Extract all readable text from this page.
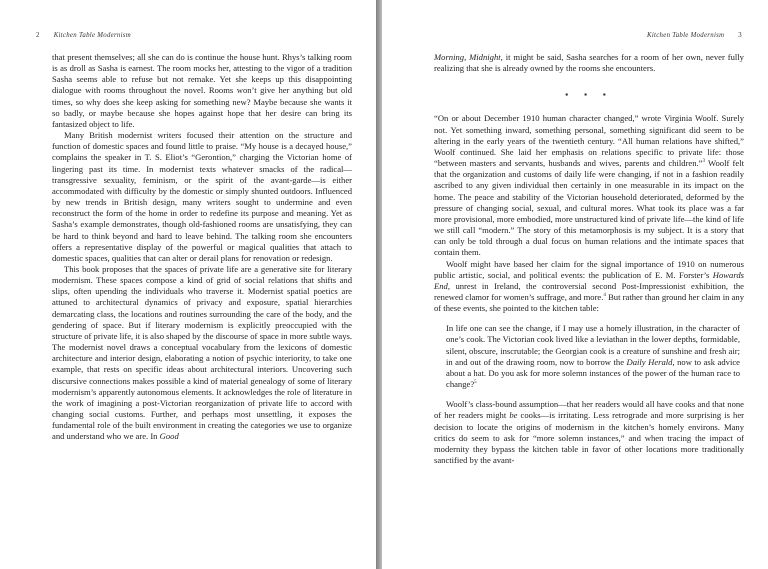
2 Kitchen Table Modernism

that present themselves; all she can do is continue the house hunt. Rhys’s talking room is as droll as Sasha is earnest. The room mocks her, attesting to the vigor of a tradition Sasha seems able to refuse but not remake. Yet she keeps up this disappointing dialogue with rooms throughout the novel. Rooms won’t give her anything but old times, so why does she keep asking for something new? Maybe because she wants it so badly, or maybe because she hopes against hope that her desire can bring its fantasized object to life.

Many British modernist writers focused their attention on the structure and function of domestic spaces and found little to praise. “My house is a decayed house,” complains the speaker in T. S. Eliot’s “Gerontion,” charging the Victorian home of lingering past its time. In modernist texts whatever smacks of the radical—transgressive sexuality, feminism, or the spirit of the avant-garde—is either accommodated with difficulty by the domestic or simply shunted outdoors. Influenced by new trends in British design, many writers sought to undermine and even reconstruct the form of the home in order to redefine its purpose and meaning. Yet as Sasha’s example demonstrates, though old-fashioned rooms are unsatisfying, they can be hard to think beyond and hard to leave behind. The talking room she encounters offers a representative display of the powerful or magical qualities that attach to domestic spaces, qualities that can alter or derail plans for renovation or redesign.

This book proposes that the spaces of private life are a generative site for literary modernism. These spaces compose a kind of grid of social relations that shifts and slips, often upending the individuals who traverse it. Modernist spatial poetics are attuned to architectural dynamics of privacy and exposure, spatial hierarchies demarcating class, the locations and routines surrounding the care of the body, and the gendering of space. But if literary modernism is explicitly preoccupied with the structure of private life, it is also shaped by the discourse of space in more subtle ways. The modernist novel draws a conceptual vocabulary from the lexicons of domestic architecture and interior design, elaborating a notion of psychic interiority, to take one example, that rests on specific ideas about architectural interiors. Uncovering such discursive connections makes possible a kind of material genealogy of some of literary modernism’s apparently autonomous elements. It acknowledges the role of literature in the work of imagining a post-Victorian reorganization of private life to accord with changing social customs. Further, and perhaps most unsettling, it exposes the fundamental role of the built environment in creating the categories we use to organize and understand who we are. In Good

Kitchen Table Modernism 3

Morning, Midnight, it might be said, Sasha searches for a room of her own, never fully realizing that she is already owned by the rooms she encounters.

▪ ▪ ▪

“On or about December 1910 human character changed,” wrote Virginia Woolf. Surely not. Yet something inward, something personal, something significant did seem to be altering in the early years of the twentieth century. “All human relations have shifted,” Woolf continued. She laid her emphasis on relations specific to private life: those “between masters and servants, husbands and wives, parents and children.”$^3$ Woolf felt that the organization and customs of daily life were changing, if not in a fashion readily ascribed to any given individual then certainly in one measurable in its impact on the home. The peace and stability of the Victorian household deteriorated, deformed by the pressure of changing social, sexual, and cultural mores. What took its place was a far more provisional, more embodied, more unstructured kind of private life—the kind of life we still call “modern.” The story of this metamorphosis is my subject. It is a story that can only be told through a dual focus on human relations and the intimate spaces that contain them.

Woolf might have based her claim for the signal importance of 1910 on numerous public artistic, social, and political events: the publication of E. M. Forster’s Howards End, unrest in Ireland, the controversial second Post-Impressionist exhibition, the renewed clamor for women’s suffrage, and more.$^4$ But rather than ground her claim in any of these events, she pointed to the kitchen table:

In life one can see the change, if I may use a homely illustration, in the character of one’s cook. The Victorian cook lived like a leviathan in the lower depths, formidable, silent, obscure, inscrutable; the Georgian cook is a creature of sunshine and fresh air; in and out of the drawing room, now to borrow the Daily Herald, now to ask advice about a hat. Do you ask for more solemn instances of the power of the human race to change?$^5$

Woolf’s class-bound assumption—that her readers would all have cooks and that none of her readers might be cooks—is irritating. Less retrograde and more surprising is her decision to locate the origins of modernism in the kitchen’s homely environs. Many critics do seem to ask for “more solemn instances,” and when tracing the impact of modernity they bypass the kitchen table in favor of other locations more traditionally sanctified by the avant-
